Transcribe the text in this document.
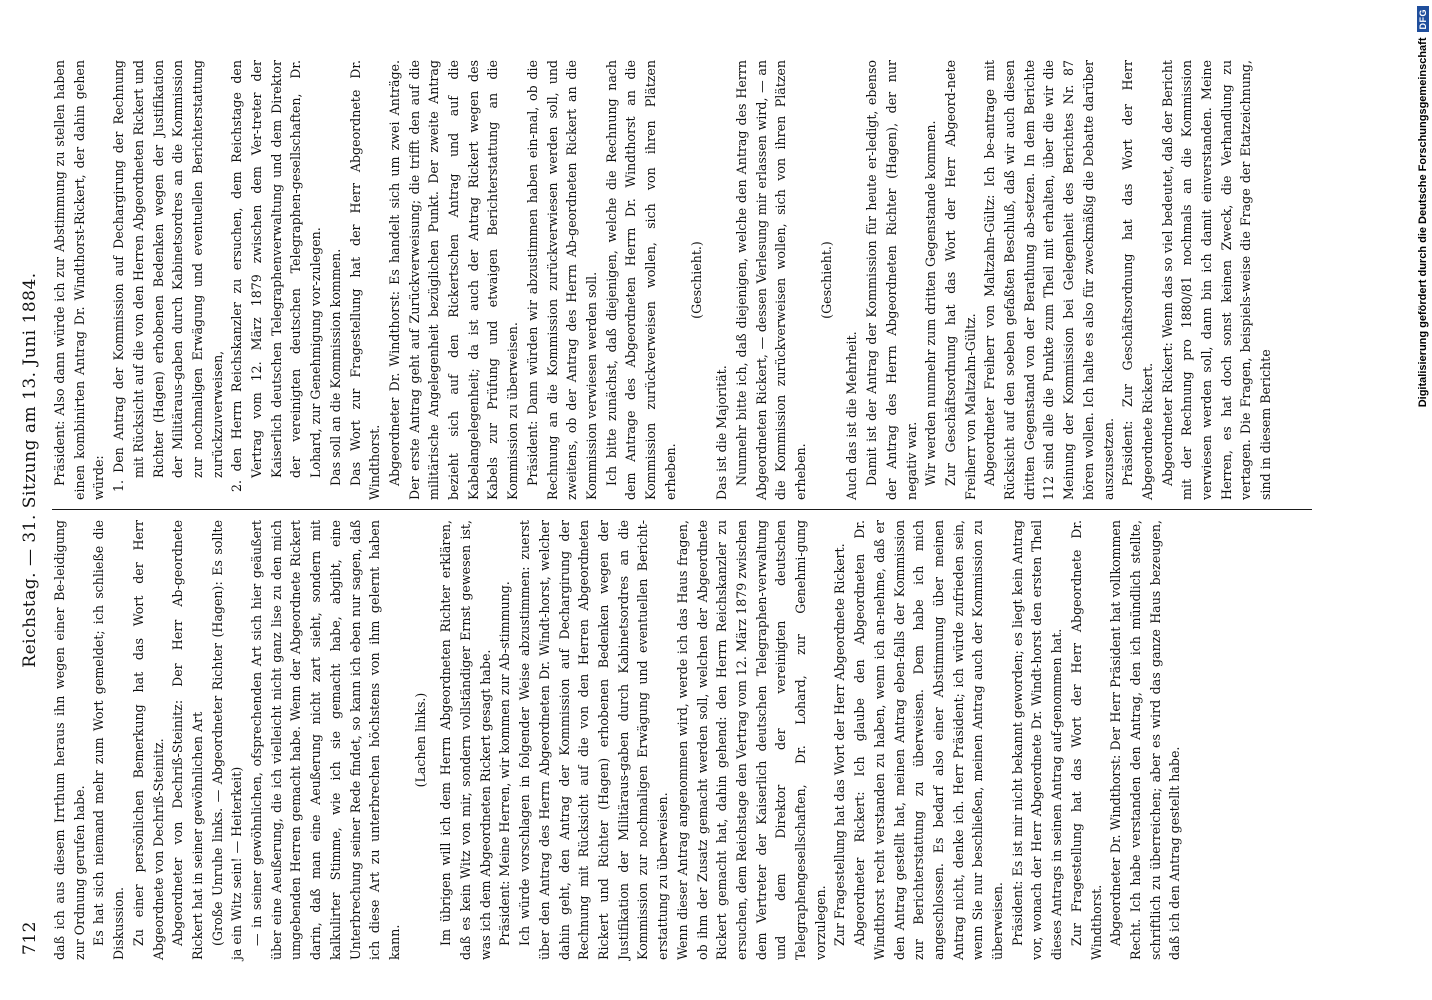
712
Reichstag. — 31. Sitzung am 13. Juni 1884.

daß ich aus diesem Irrthum heraus ihn wegen einer Be-leidigung zur Ordnung gerufen habe. Es hat sich niemand mehr zum Wort gemeldet; ich schließe die Diskussion. Zu einer persönlichen Bemerkung hat das Wort der Herr Abgeordnete von Dechriß-Steinitz. Abgeordneter von Dechriß-Steinitz: Der Herr Ab-geordnete Rickert hat in seiner gewöhnlichen Art (Große Unruhe links. — Abgeordneter Richter (Hagen): Es sollte ja ein Witz sein! — Heiterkeit) — in seiner gewöhnlichen, ofsprechenden Art sich hier geäußert über eine Aeußerung, die ich vielleicht nicht ganz lise zu den mich umgebenden Herren gemacht habe. Wenn der Abgeordnete Rickert darin, daß man eine Aeußerung nicht zart sieht, sondern mit kalkulirter Stimme, wie ich sie gemacht habe, abgibt, eine Unterbrechung seiner Rede findet, so kann ich eben nur sagen, daß ich diese Art zu unterbrechen höchstens von ihm gelernt haben kann.

(Lachen links.) Im übrigen will ich dem Herrn Abgeordneten Richter erklären, daß es kein Witz von mir, sondern vollständiger Ernst gewesen ist, was ich dem Abgeordneten Rickert gesagt habe. Präsident: Meine Herren, wir kommen zur Ab-stimmung. Ich würde vorschlagen in folgender Weise abzustimmen: zuerst über den Antrag des Herrn Abgeordneten Dr. Windt-horst, welcher dahin geht, den Antrag der Kommission auf Dechargirung der Rechnung mit Rücksicht auf die von den Herren Abgeordneten Rickert und Richter (Hagen) erhobenen Bedenken wegen der Justifikation der Militäraus-gaben durch Kabinetsordres an die Kommission zur nochmaligen Erwägung und eventuellen Bericht-erstattung zu überweisen. Wenn dieser Antrag angenommen wird, werde ich das Haus fragen, ob ihm der Zusatz gemacht werden soll, welchen der Abgeordnete Rickert gemacht hat, dahin gehend: den Herrn Reichskanzler zu ersuchen, dem Reichstage den Vertrag vom 12. März 1879 zwischen dem Vertreter der Kaiserlich deutschen Telegraphen-verwaltung und dem Direktor der vereinigten deutschen Telegraphengesellschaften, Dr. Lohard, zur Genehmi-gung vorzulegen. Zur Fragestellung hat das Wort der Herr Abgeordnete Rickert. Abgeordneter Rickert: Ich glaube den Abgeordneten Dr. Windthorst recht verstanden zu haben, wenn ich an-nehme, daß er den Antrag gestellt hat, meinen Antrag eben-falls der Kommission zur Berichterstattung zu überweisen. Dem habe ich mich angeschlossen. Es bedarf also einer Abstimmung über meinen Antrag nicht, denke ich. Herr Präsident; ich würde zufrieden sein, wenn Sie nur beschließen, meinen Antrag auch der Kommission zu überweisen. Präsident: Es ist mir nicht bekannt geworden; es liegt kein Antrag vor, wonach der Herr Abgeordnete Dr. Windt-horst den ersten Theil dieses Antrags in seinen Antrag auf-genommen hat. Zur Fragestellung hat das Wort der Herr Abgeordnete Dr. Windthorst. Abgeordneter Dr. Windthorst: Der Herr Präsident hat vollkommen Recht. Ich habe verstanden den Antrag, den ich mündlich stellte, schriftlich zu überreichen; aber es wird das ganze Haus bezeugen, daß ich den Antrag gestellt habe.

Präsident: Also dann würde ich zur Abstimmung zu stellen haben einen kombinirten Antrag Dr. Windthorst-Rickert, der dahin gehen würde: 1. Den Antrag der Kommission auf Dechargirung der Rechnung mit Rücksicht auf die von den Herren Abgeordneten Rickert und Richter (Hagen) erhobenen Bedenken wegen der Justifikation der Militäraus-gaben durch Kabinetsordres an die Kommission zur nochmaligen Erwägung und eventuellen Berichterstattung zurückzuverweisen, 2. den Herrn Reichskanzler zu ersuchen, dem Reichstage den Vertrag vom 12. März 1879 zwischen dem Ver-treter der Kaiserlich deutschen Telegraphenverwaltung und dem Direktor der vereinigten deutschen Telegraphen-gesellschaften, Dr. Lohard, zur Genehmigung vor-zulegen. Das soll an die Kommission kommen. Das Wort zur Fragestellung hat der Herr Abgeordnete Dr. Windthorst. Abgeordneter Dr. Windthorst: Es handelt sich um zwei Anträge. Der erste Antrag geht auf Zurückverweisung; die trifft den auf die militärische Angelegenheit bezüglichen Punkt. Der zweite Antrag bezieht sich auf den Rickertschen Antrag und auf die Kabelangelegenheit; da ist auch der Antrag Rickert wegen des Kabels zur Prüfung und etwaigen Berichterstattung an die Kommission zu überweisen. Präsident: Dann würden wir abzustimmen haben ein-mal, ob die Rechnung an die Kommission zurückverwiesen werden soll, und zweitens, ob der Antrag des Herrn Ab-geordneten Rickert an die Kommission verwiesen werden soll. Ich bitte zunächst, daß diejenigen, welche die Rechnung nach dem Antrage des Abgeordneten Herrn Dr. Windthorst an die Kommission zurückverweisen wollen, sich von ihren Plätzen erheben.

(Geschieht.)

Das ist die Majorität. Nunmehr bitte ich, daß diejenigen, welche den Antrag des Herrn Abgeordneten Rickert, — dessen Verlesung mir erlassen wird, — an die Kommission zurückverweisen wollen, sich von ihren Plätzen erheben.

(Geschieht.)

Auch das ist die Mehrheit. Damit ist der Antrag der Kommission für heute er-ledigt, ebenso der Antrag des Herrn Abgeordneten Richter (Hagen), der nur negativ war. Wir werden nunmehr zum dritten Gegenstande kommen. Zur Geschäftsordnung hat das Wort der Herr Abgeord-nete Freiherr von Maltzahn-Gültz. Abgeordneter Freiherr von Maltzahn-Gültz: Ich be-antrage mit Rücksicht auf den soeben gefaßten Beschluß, daß wir auch diesen dritten Gegenstand von der Berathung ab-setzen. In dem Berichte 112 sind alle die Punkte zum Theil mit erhalten, über die wir die Meinung der Kommission bei Gelegenheit des Berichtes Nr. 87 hören wollen. Ich halte es also für zweckmäßig die Debatte darüber auszusetzen. Präsident: Zur Geschäftsordnung hat das Wort der Herr Abgeordnete Rickert. Abgeordneter Rickert: Wenn das so viel bedeutet, daß der Bericht mit der Rechnung pro 1880/81 nochmals an die Kommission verwiesen werden soll, dann bin ich damit einverstanden. Meine Herren, es hat doch sonst keinen Zweck, die Verhandlung zu vertagen. Die Fragen, beispiels-weise die Frage der Etatzeichnung, sind in diesem Berichte

Digitalisierung gefördert durch die Deutsche Forschungsgemeinschaft
DFG
